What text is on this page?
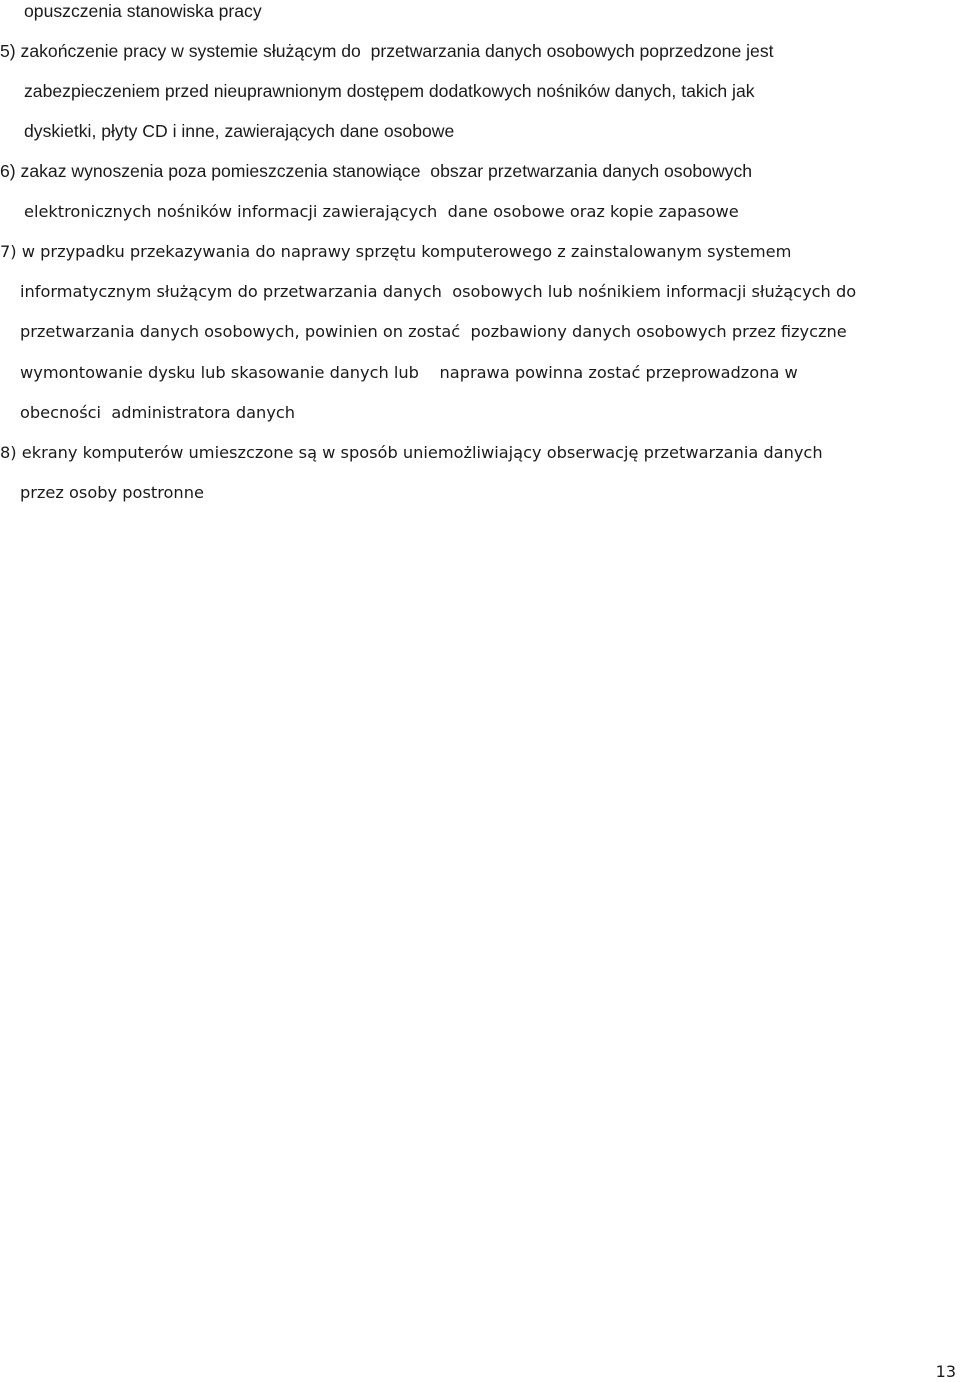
opuszczenia stanowiska pracy
5) zakończenie pracy w systemie służącym do  przetwarzania danych osobowych poprzedzone jest
zabezpieczeniem przed nieuprawnionym dostępem dodatkowych nośników danych, takich jak
dyskietki, płyty CD i inne, zawierających dane osobowe
6) zakaz wynoszenia poza pomieszczenia stanowiące  obszar przetwarzania danych osobowych
elektronicznych nośników informacji zawierających  dane osobowe oraz kopie zapasowe
7) w przypadku przekazywania do naprawy sprzętu komputerowego z zainstalowanym systemem
informatycznym służącym do przetwarzania danych  osobowych lub nośnikiem informacji służących do
przetwarzania danych osobowych, powinien on zostać  pozbawiony danych osobowych przez fizyczne
wymontowanie dysku lub skasowanie danych lub    naprawa powinna zostać przeprowadzona w
obecności  administratora danych
8) ekrany komputerów umieszczone są w sposób uniemożliwiający obserwację przetwarzania danych
przez osoby postronne
13
